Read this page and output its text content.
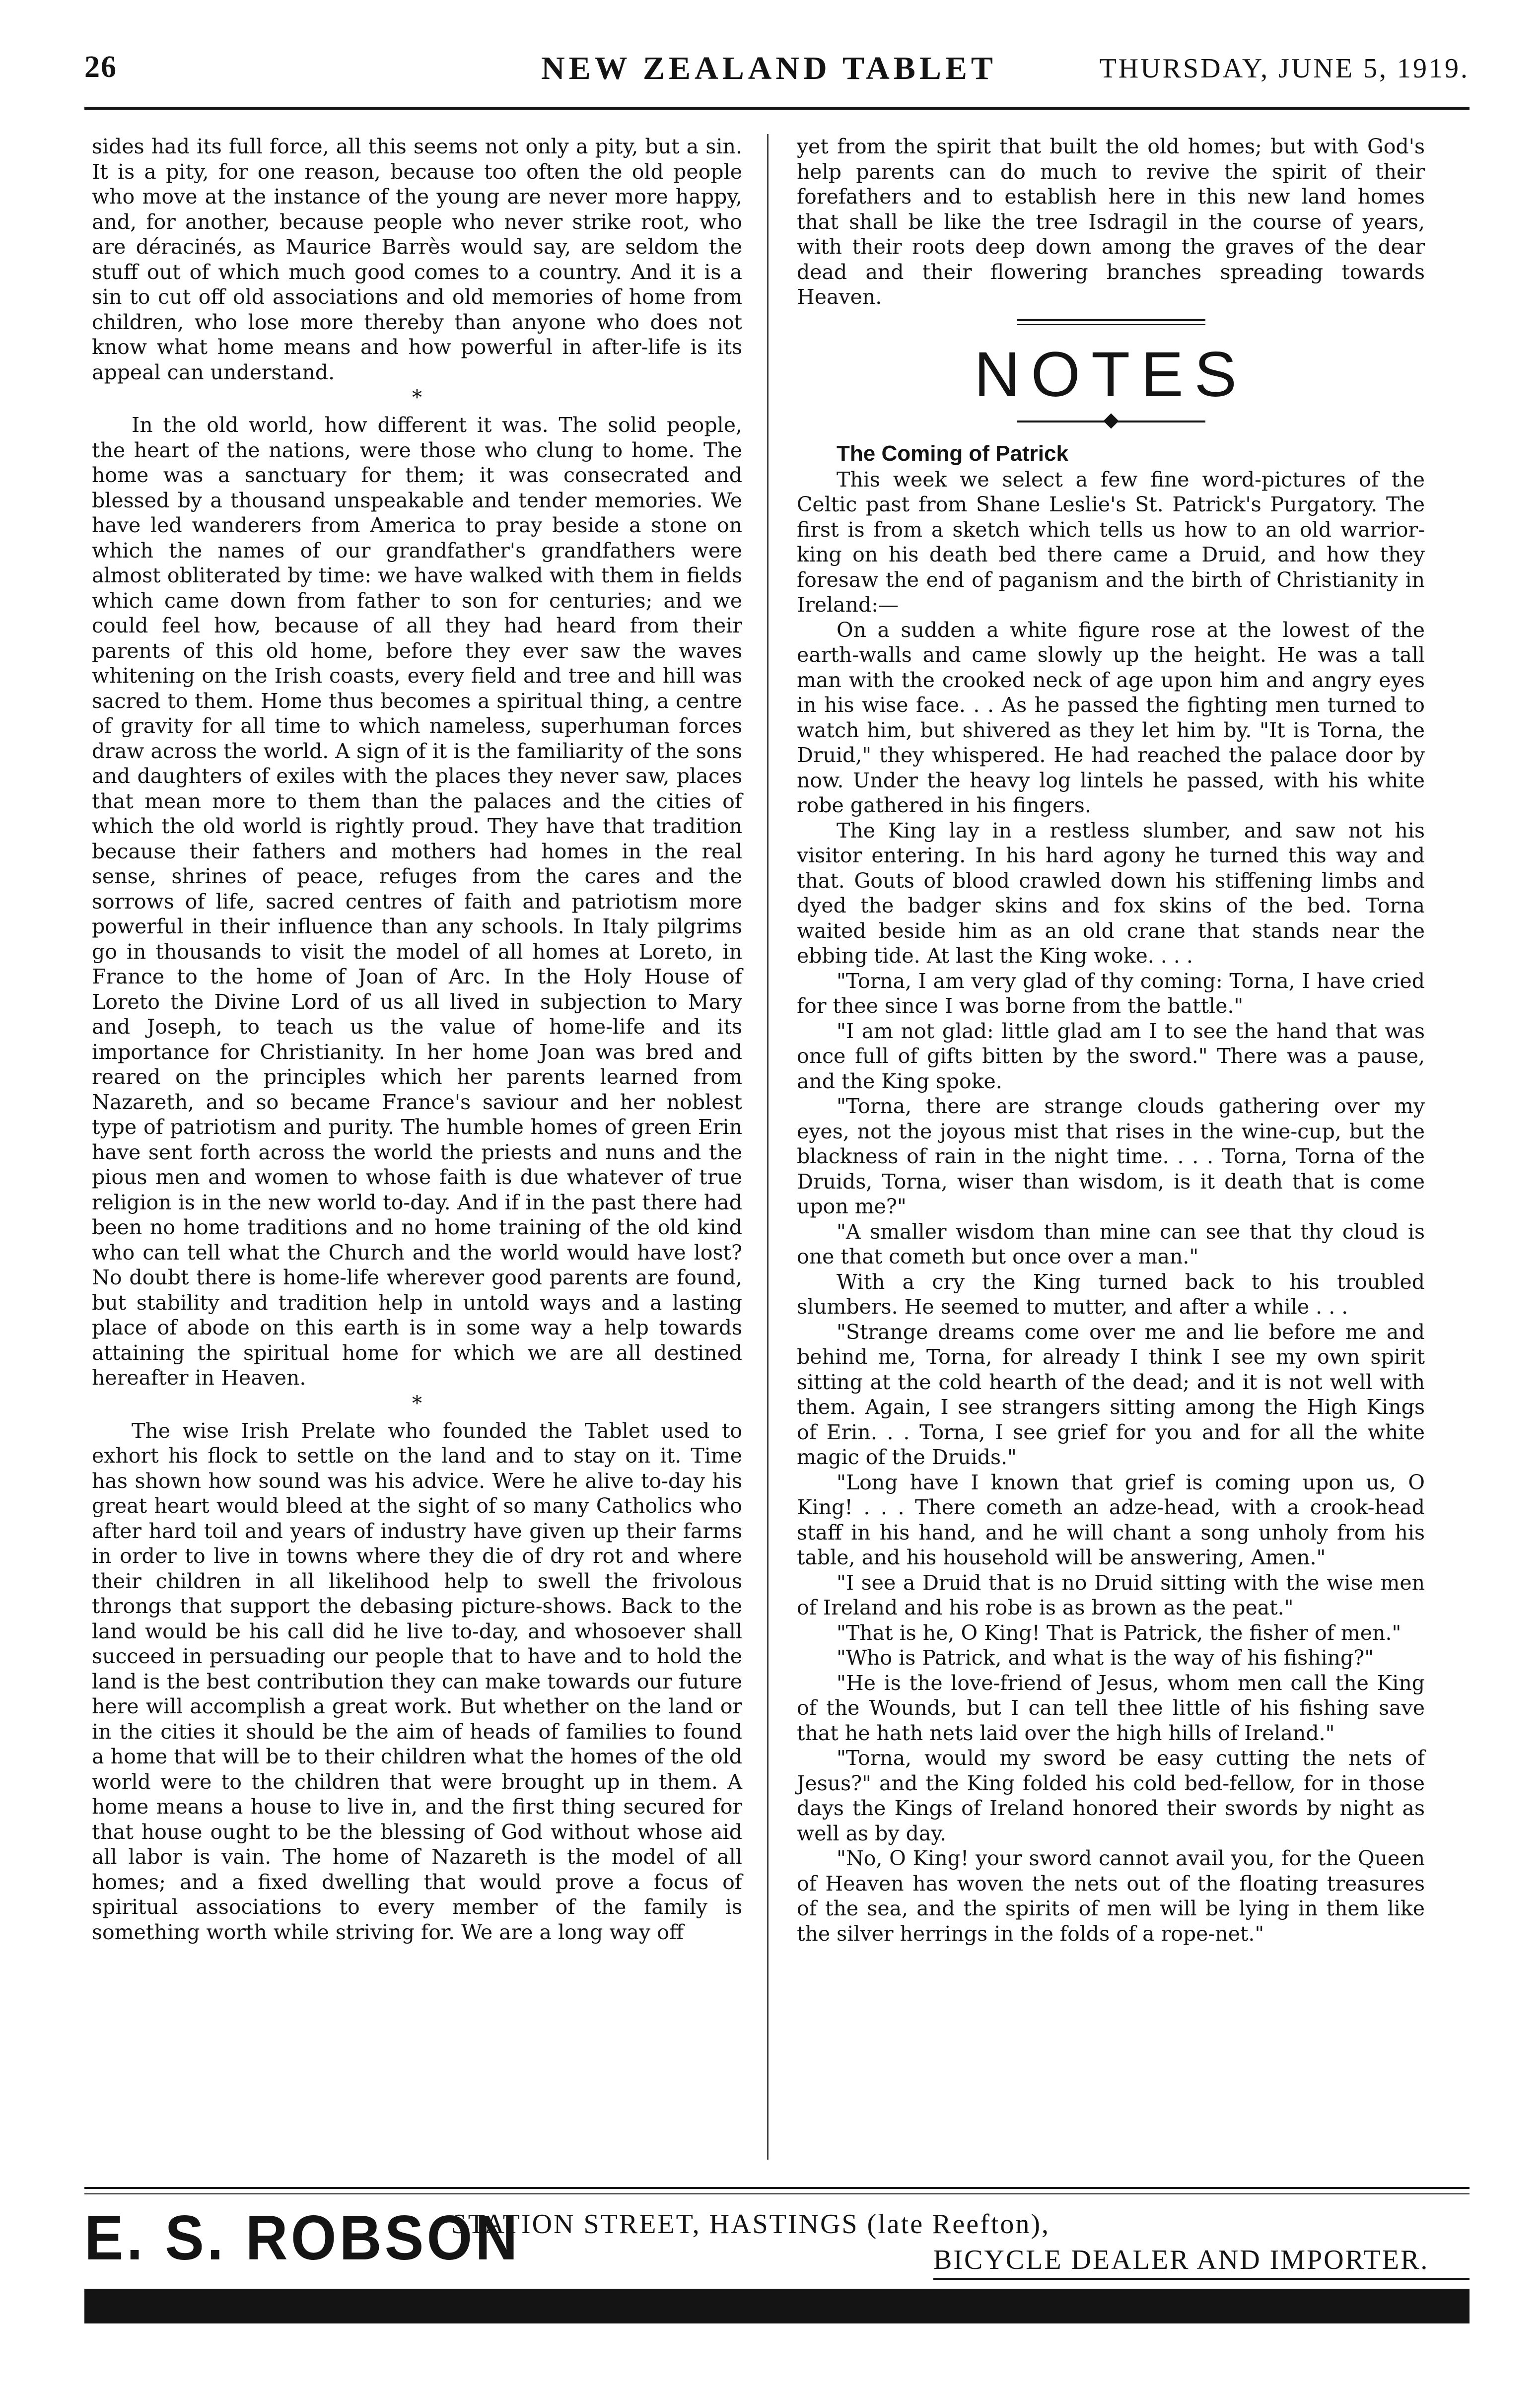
26	NEW ZEALAND TABLET	THURSDAY, JUNE 5, 1919.

sides had its full force, all this seems not only a pity, but a sin. It is a pity, for one reason, because too often the old people who move at the instance of the young are never more happy, and, for another, because people who never strike root, who are déracinés, as Maurice Barrès would say, are seldom the stuff out of which much good comes to a country. And it is a sin to cut off old associations and old memories of home from children, who lose more thereby than anyone who does not know what home means and how powerful in after-life is its appeal can understand.

*

In the old world, how different it was. The solid people, the heart of the nations, were those who clung to home. The home was a sanctuary for them; it was consecrated and blessed by a thousand unspeakable and tender memories. We have led wanderers from America to pray beside a stone on which the names of our grandfather's grandfathers were almost obliterated by time: we have walked with them in fields which came down from father to son for centuries; and we could feel how, because of all they had heard from their parents of this old home, before they ever saw the waves whitening on the Irish coasts, every field and tree and hill was sacred to them. Home thus becomes a spiritual thing, a centre of gravity for all time to which nameless, superhuman forces draw across the world. A sign of it is the familiarity of the sons and daughters of exiles with the places they never saw, places that mean more to them than the palaces and the cities of which the old world is rightly proud. They have that tradition because their fathers and mothers had homes in the real sense, shrines of peace, refuges from the cares and the sorrows of life, sacred centres of faith and patriotism more powerful in their influence than any schools. In Italy pilgrims go in thousands to visit the model of all homes at Loreto, in France to the home of Joan of Arc. In the Holy House of Loreto the Divine Lord of us all lived in subjection to Mary and Joseph, to teach us the value of home-life and its importance for Christianity. In her home Joan was bred and reared on the principles which her parents learned from Nazareth, and so became France's saviour and her noblest type of patriotism and purity. The humble homes of green Erin have sent forth across the world the priests and nuns and the pious men and women to whose faith is due whatever of true religion is in the new world to-day. And if in the past there had been no home traditions and no home training of the old kind who can tell what the Church and the world would have lost? No doubt there is home-life wherever good parents are found, but stability and tradition help in untold ways and a lasting place of abode on this earth is in some way a help towards attaining the spiritual home for which we are all destined hereafter in Heaven.

*

The wise Irish Prelate who founded the Tablet used to exhort his flock to settle on the land and to stay on it. Time has shown how sound was his advice. Were he alive to-day his great heart would bleed at the sight of so many Catholics who after hard toil and years of industry have given up their farms in order to live in towns where they die of dry rot and where their children in all likelihood help to swell the frivolous throngs that support the debasing picture-shows. Back to the land would be his call did he live to-day, and whosoever shall succeed in persuading our people that to have and to hold the land is the best contribution they can make towards our future here will accomplish a great work. But whether on the land or in the cities it should be the aim of heads of families to found a home that will be to their children what the homes of the old world were to the children that were brought up in them. A home means a house to live in, and the first thing secured for that house ought to be the blessing of God without whose aid all labor is vain. The home of Nazareth is the model of all homes; and a fixed dwelling that would prove a focus of spiritual associations to every member of the family is something worth while striving for. We are a long way off

yet from the spirit that built the old homes; but with God's help parents can do much to revive the spirit of their forefathers and to establish here in this new land homes that shall be like the tree Isdragil in the course of years, with their roots deep down among the graves of the dear dead and their flowering branches spreading towards Heaven.

NOTES

The Coming of Patrick

This week we select a few fine word-pictures of the Celtic past from Shane Leslie's St. Patrick's Purgatory. The first is from a sketch which tells us how to an old warrior-king on his death bed there came a Druid, and how they foresaw the end of paganism and the birth of Christianity in Ireland:—

On a sudden a white figure rose at the lowest of the earth-walls and came slowly up the height. He was a tall man with the crooked neck of age upon him and angry eyes in his wise face. . . As he passed the fighting men turned to watch him, but shivered as they let him by. "It is Torna, the Druid," they whispered. He had reached the palace door by now. Under the heavy log lintels he passed, with his white robe gathered in his fingers.

The King lay in a restless slumber, and saw not his visitor entering. In his hard agony he turned this way and that. Gouts of blood crawled down his stiffening limbs and dyed the badger skins and fox skins of the bed. Torna waited beside him as an old crane that stands near the ebbing tide. At last the King woke. . . .

"Torna, I am very glad of thy coming: Torna, I have cried for thee since I was borne from the battle."

"I am not glad: little glad am I to see the hand that was once full of gifts bitten by the sword." There was a pause, and the King spoke.

"Torna, there are strange clouds gathering over my eyes, not the joyous mist that rises in the wine-cup, but the blackness of rain in the night time. . . . Torna, Torna of the Druids, Torna, wiser than wisdom, is it death that is come upon me?"

"A smaller wisdom than mine can see that thy cloud is one that cometh but once over a man."

With a cry the King turned back to his troubled slumbers. He seemed to mutter, and after a while . . .

"Strange dreams come over me and lie before me and behind me, Torna, for already I think I see my own spirit sitting at the cold hearth of the dead; and it is not well with them. Again, I see strangers sitting among the High Kings of Erin. . . Torna, I see grief for you and for all the white magic of the Druids."

"Long have I known that grief is coming upon us, O King! . . . There cometh an adze-head, with a crook-head staff in his hand, and he will chant a song unholy from his table, and his household will be answering, Amen."

"I see a Druid that is no Druid sitting with the wise men of Ireland and his robe is as brown as the peat."

"That is he, O King! That is Patrick, the fisher of men."

"Who is Patrick, and what is the way of his fishing?"

"He is the love-friend of Jesus, whom men call the King of the Wounds, but I can tell thee little of his fishing save that he hath nets laid over the high hills of Ireland."

"Torna, would my sword be easy cutting the nets of Jesus?" and the King folded his cold bed-fellow, for in those days the Kings of Ireland honored their swords by night as well as by day.

"No, O King! your sword cannot avail you, for the Queen of Heaven has woven the nets out of the floating treasures of the sea, and the spirits of men will be lying in them like the silver herrings in the folds of a rope-net."

E. S. ROBSON
· STATION STREET, HASTINGS (late Reefton),
BICYCLE DEALER AND IMPORTER.
